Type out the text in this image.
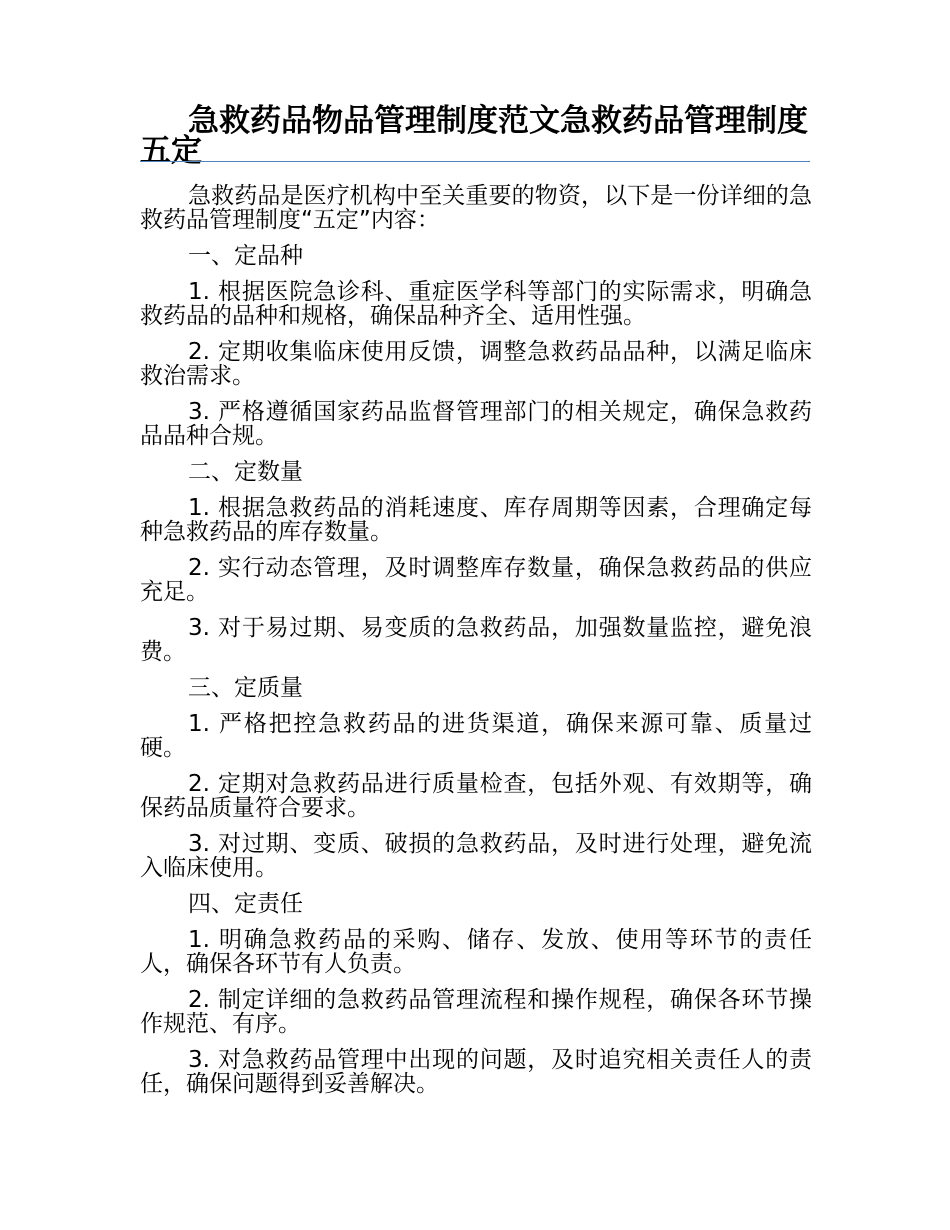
急救药品物品管理制度范文急救药品管理制度五定

急救药品是医疗机构中至关重要的物资，以下是一份详细的急救药品管理制度“五定”内容：

一、定品种

1. 根据医院急诊科、重症医学科等部门的实际需求，明确急救药品的品种和规格，确保品种齐全、适用性强。

2. 定期收集临床使用反馈，调整急救药品品种，以满足临床救治需求。

3. 严格遵循国家药品监督管理部门的相关规定，确保急救药品品种合规。

二、定数量

1. 根据急救药品的消耗速度、库存周期等因素，合理确定每种急救药品的库存数量。

2. 实行动态管理，及时调整库存数量，确保急救药品的供应充足。

3. 对于易过期、易变质的急救药品，加强数量监控，避免浪费。

三、定质量

1. 严格把控急救药品的进货渠道，确保来源可靠、质量过硬。

2. 定期对急救药品进行质量检查，包括外观、有效期等，确保药品质量符合要求。

3. 对过期、变质、破损的急救药品，及时进行处理，避免流入临床使用。

四、定责任

1. 明确急救药品的采购、储存、发放、使用等环节的责任人，确保各环节有人负责。

2. 制定详细的急救药品管理流程和操作规程，确保各环节操作规范、有序。

3. 对急救药品管理中出现的问题，及时追究相关责任人的责任，确保问题得到妥善解决。
